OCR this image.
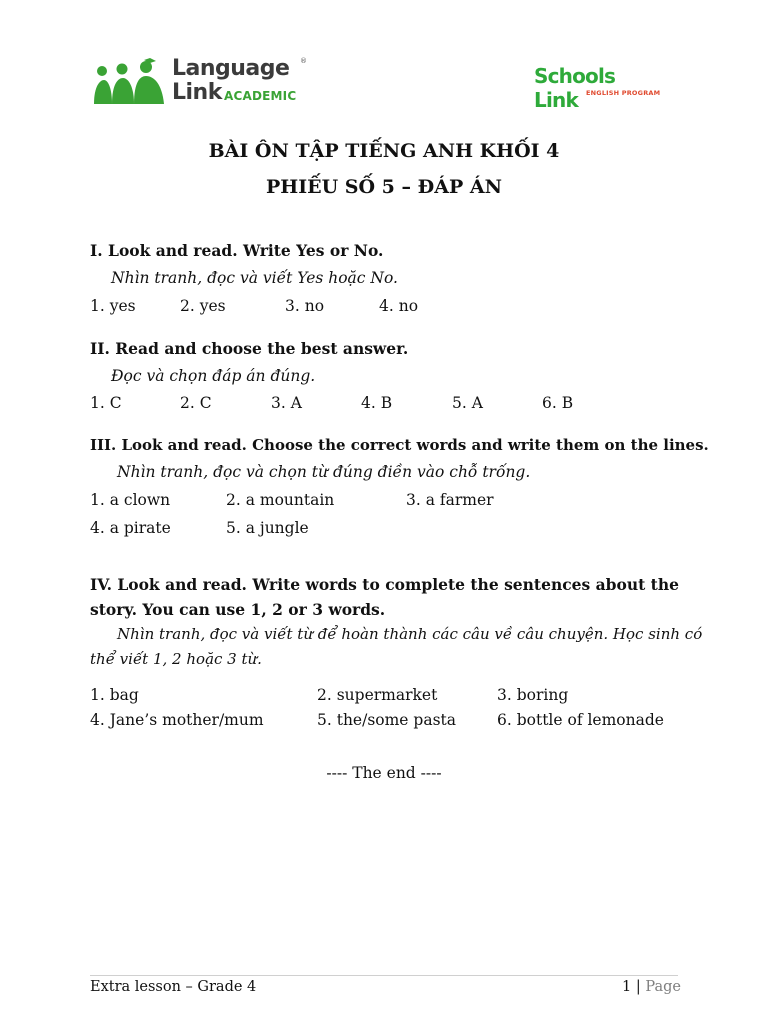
Language ®
Link ACADEMIC
Schools Link	ENGLISH PROGRAM
BÀI ÔN TẬP TIẾNG ANH KHỐI 4
PHIẾU SỐ 5 – ĐÁP ÁN
I. Look and read. Write Yes or No.
Nhìn tranh, đọc và viết Yes hoặc No.
1. yes	2. yes	3. no	4. no
II. Read and choose the best answer.
Đọc và chọn đáp án đúng.
1. C	2. C	3. A	4. B	5. A	6. B
III. Look and read. Choose the correct words and write them on the lines.
Nhìn tranh, đọc và chọn từ đúng điền vào chỗ trống.
1. a clown	2. a mountain	3. a farmer
4. a pirate	5. a jungle
IV. Look and read. Write words to complete the sentences about the
story. You can use 1, 2 or 3 words.
Nhìn tranh, đọc và viết từ để hoàn thành các câu về câu chuyện. Học sinh có
thể viết 1, 2 hoặc 3 từ.
1. bag	2. supermarket	3. boring
4. Jane’s mother/mum	5. the/some pasta	6. bottle of lemonade
---- The end ----
Extra lesson – Grade 4	1 | Page
